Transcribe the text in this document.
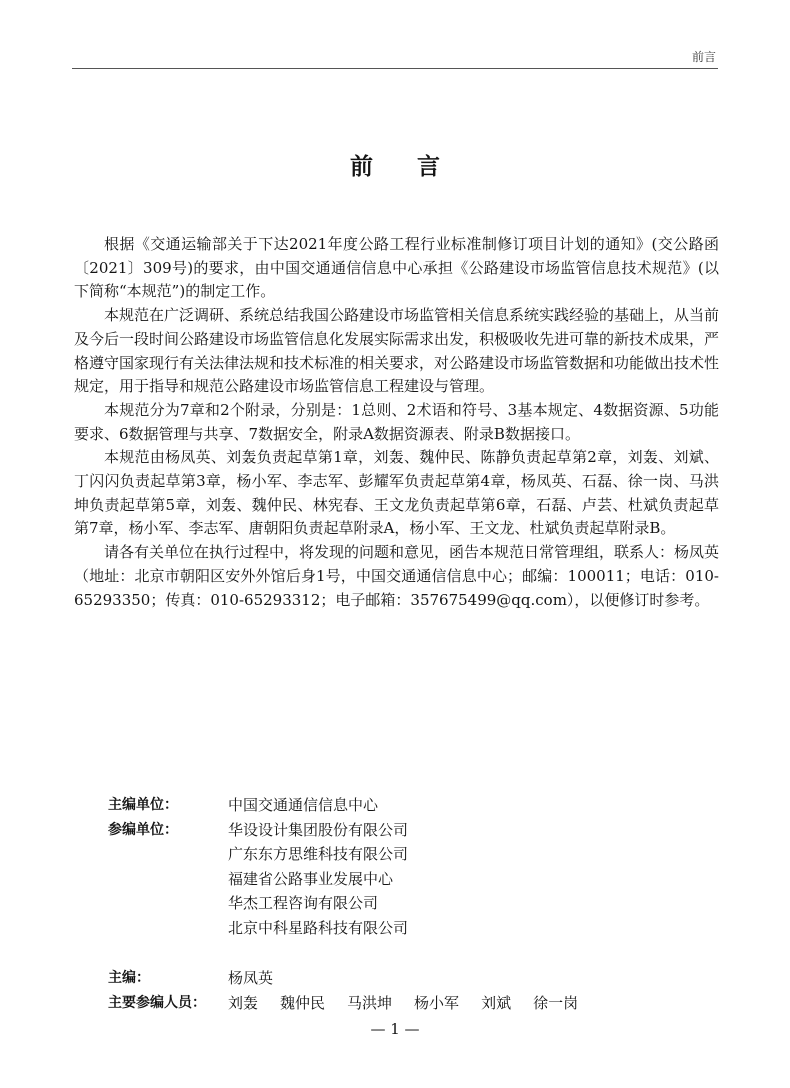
前言
前言

根据《交通运输部关于下达2021年度公路工程行业标准制修订项目计划的通知》(交公路函〔2021〕309号)的要求，由中国交通通信信息中心承担《公路建设市场监管信息技术规范》(以下简称“本规范”)的制定工作。

本规范在广泛调研、系统总结我国公路建设市场监管相关信息系统实践经验的基础上，从当前及今后一段时间公路建设市场监管信息化发展实际需求出发，积极吸收先进可靠的新技术成果，严格遵守国家现行有关法律法规和技术标准的相关要求，对公路建设市场监管数据和功能做出技术性规定，用于指导和规范公路建设市场监管信息工程建设与管理。

本规范分为7章和2个附录，分别是：1总则、2术语和符号、3基本规定、4数据资源、5功能要求、6数据管理与共享、7数据安全，附录A数据资源表、附录B数据接口。

本规范由杨凤英、刘轰负责起草第1章，刘轰、魏仲民、陈静负责起草第2章，刘轰、刘斌、丁闪闪负责起草第3章，杨小军、李志军、彭耀军负责起草第4章，杨凤英、石磊、徐一岗、马洪坤负责起草第5章，刘轰、魏仲民、林宪春、王文龙负责起草第6章，石磊、卢芸、杜斌负责起草第7章，杨小军、李志军、唐朝阳负责起草附录A，杨小军、王文龙、杜斌负责起草附录B。

请各有关单位在执行过程中，将发现的问题和意见，函告本规范日常管理组，联系人：杨凤英（地址：北京市朝阳区安外外馆后身1号，中国交通通信信息中心；邮编：100011；电话：010-65293350；传真：010-65293312；电子邮箱：357675499@qq.com），以便修订时参考。

主编单位：	中国交通通信信息中心
参编单位：	华设设计集团股份有限公司
广东东方思维科技有限公司
福建省公路事业发展中心
华杰工程咨询有限公司
北京中科星路科技有限公司
主编：	杨凤英
主要参编人员： 刘轰 魏仲民 马洪坤 杨小军 刘斌 徐一岗
— 1 —
